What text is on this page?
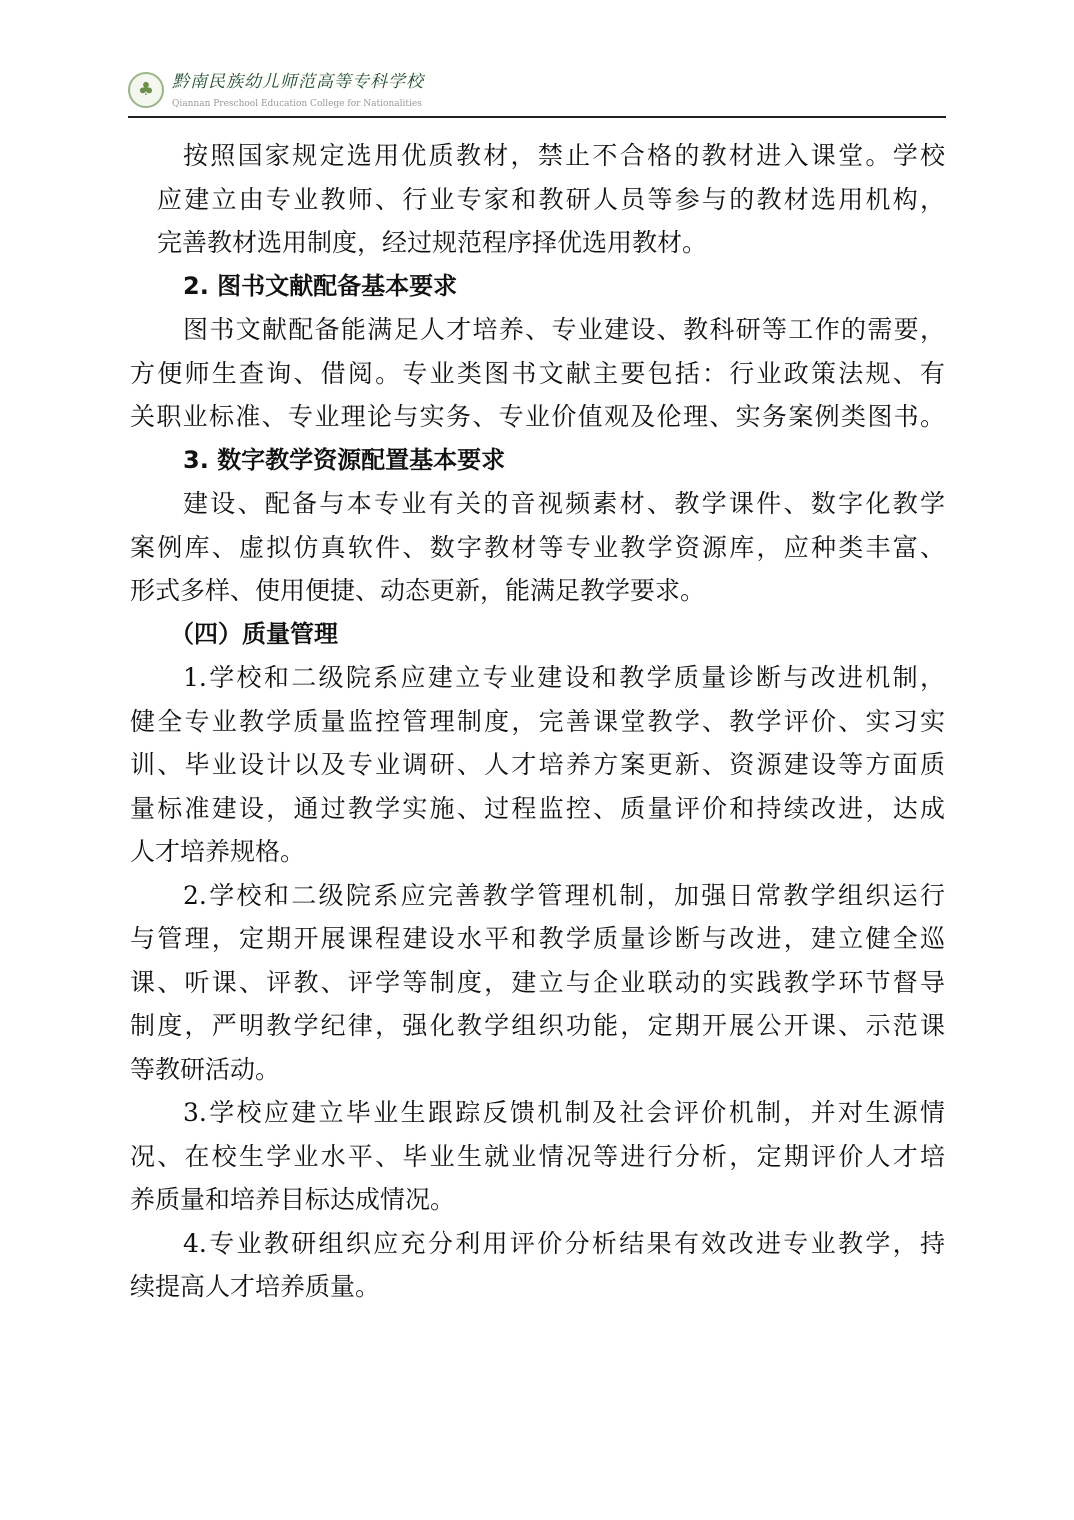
♣	黔南民族幼儿师范高等专科学校
Qiannan Preschool Education College for Nationalities
按照国家规定选用优质教材，禁止不合格的教材进入课堂。学校
应建立由专业教师、行业专家和教研人员等参与的教材选用机构，
完善教材选用制度，经过规范程序择优选用教材。
2. 图书文献配备基本要求
图书文献配备能满足人才培养、专业建设、教科研等工作的需要，
方便师生查询、借阅。专业类图书文献主要包括：行业政策法规、有
关职业标准、专业理论与实务、专业价值观及伦理、实务案例类图书。
3. 数字教学资源配置基本要求
建设、配备与本专业有关的音视频素材、教学课件、数字化教学
案例库、虚拟仿真软件、数字教材等专业教学资源库，应种类丰富、
形式多样、使用便捷、动态更新，能满足教学要求。
（四）质量管理
1.学校和二级院系应建立专业建设和教学质量诊断与改进机制，
健全专业教学质量监控管理制度，完善课堂教学、教学评价、实习实
训、毕业设计以及专业调研、人才培养方案更新、资源建设等方面质
量标准建设，通过教学实施、过程监控、质量评价和持续改进，达成
人才培养规格。
2.学校和二级院系应完善教学管理机制，加强日常教学组织运行
与管理，定期开展课程建设水平和教学质量诊断与改进，建立健全巡
课、听课、评教、评学等制度，建立与企业联动的实践教学环节督导
制度，严明教学纪律，强化教学组织功能，定期开展公开课、示范课
等教研活动。
3.学校应建立毕业生跟踪反馈机制及社会评价机制，并对生源情
况、在校生学业水平、毕业生就业情况等进行分析，定期评价人才培
养质量和培养目标达成情况。
4.专业教研组织应充分利用评价分析结果有效改进专业教学，持
续提高人才培养质量。
